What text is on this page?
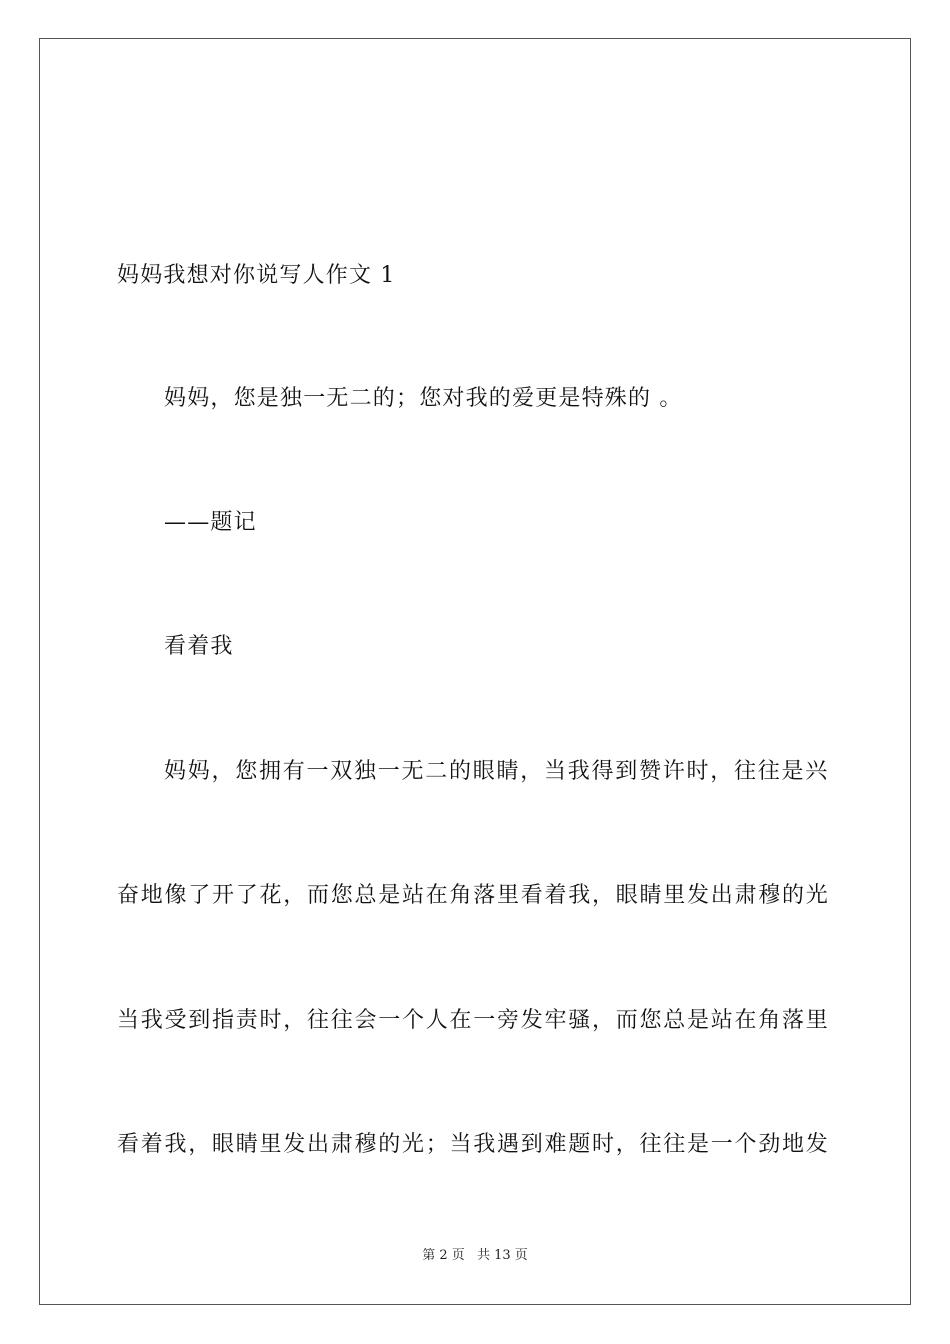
妈妈我想对你说写人作文 1
妈妈，您是独一无二的；您对我的爱更是特殊的 。
——题记
看着我
妈妈，您拥有一双独一无二的眼睛，当我得到赞许时，往往是兴
奋地像了开了花，而您总是站在角落里看着我，眼睛里发出肃穆的光
当我受到指责时，往往会一个人在一旁发牢骚，而您总是站在角落里
看着我，眼睛里发出肃穆的光；当我遇到难题时，往往是一个劲地发
第 2 页 共 13 页
